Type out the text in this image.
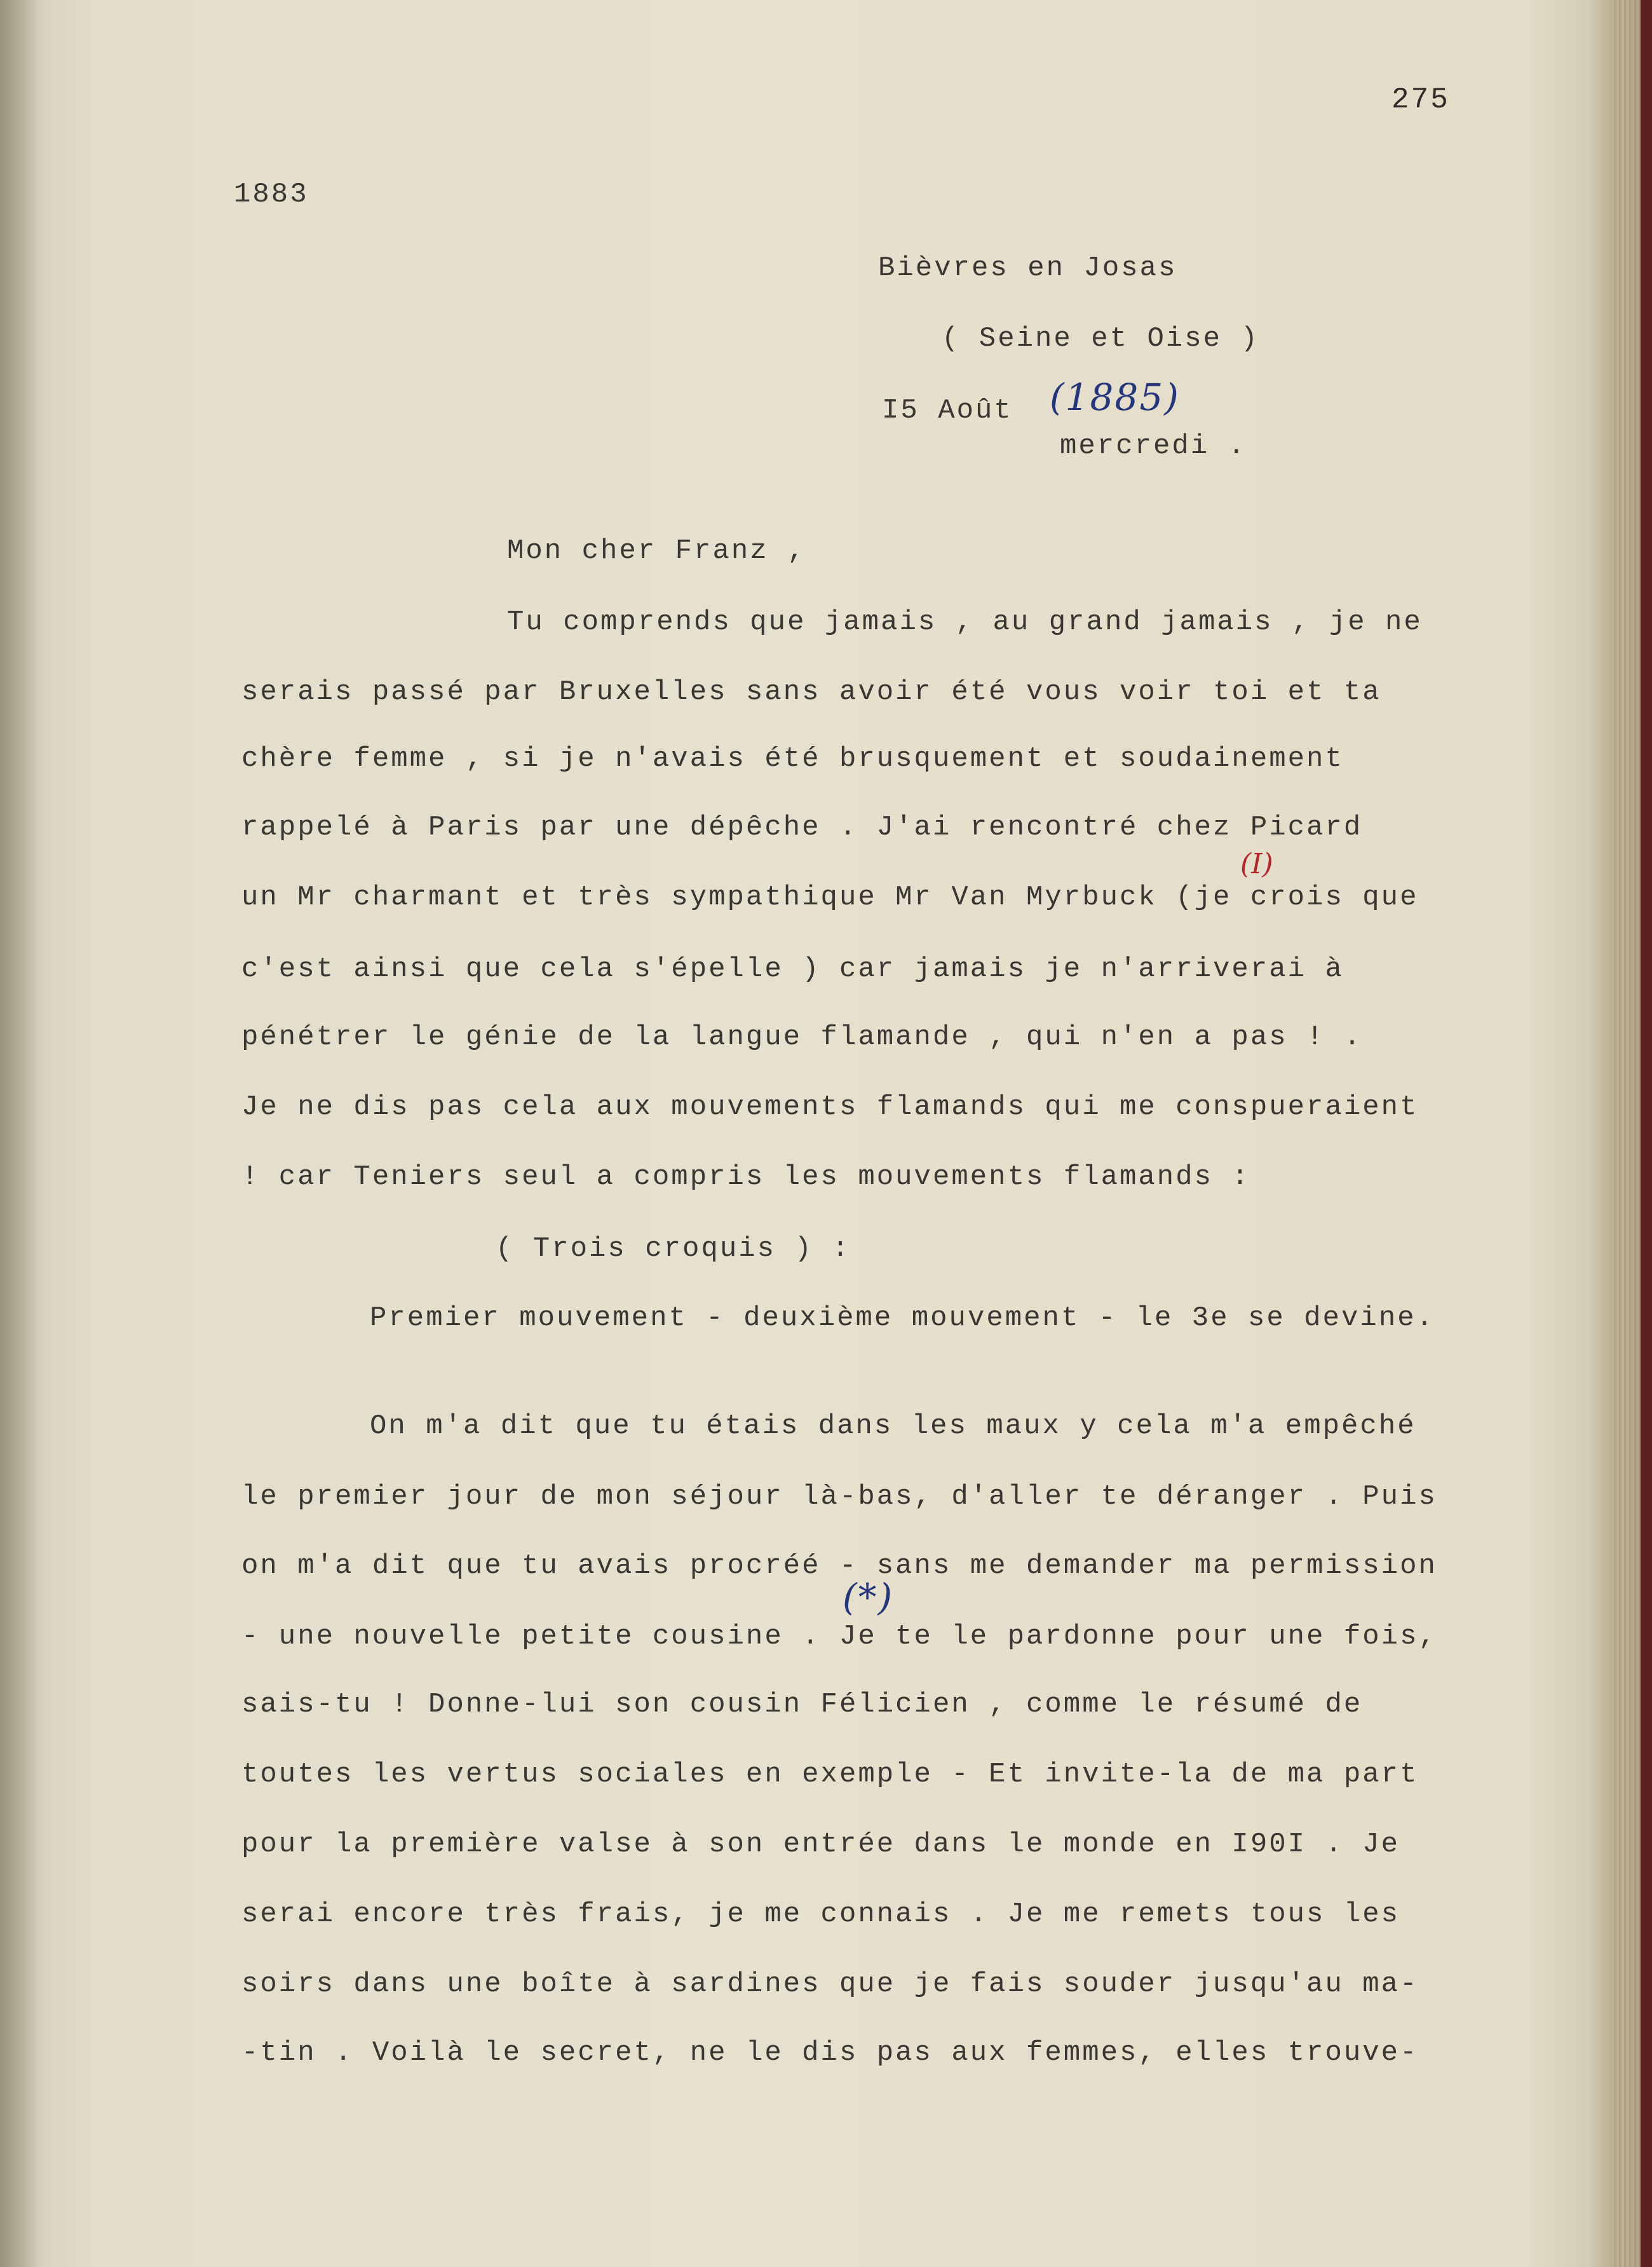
275
1883
Bièvres en Josas
( Seine et Oise )
I5 Août (1885)
mercredi .
Mon cher Franz ,
(I)
(*)
Tu comprends que jamais , au grand jamais , je ne
serais passé par Bruxelles sans avoir été vous voir toi et ta
chère femme , si je n'avais été brusquement et soudainement
rappelé à Paris par une dépêche . J'ai rencontré chez Picard
un Mr charmant et très sympathique Mr Van Myrbuck (je crois que
c'est ainsi que cela s'épelle ) car jamais je n'arriverai à
pénétrer le génie de la langue flamande , qui n'en a pas ! .
Je ne dis pas cela aux mouvements flamands qui me conspueraient
! car Teniers seul a compris les mouvements flamands :
( Trois croquis ) :
Premier mouvement - deuxième mouvement - le 3e se devine.
On m'a dit que tu étais dans les maux y cela m'a empêché
le premier jour de mon séjour là-bas, d'aller te déranger . Puis
on m'a dit que tu avais procréé - sans me demander ma permission
- une nouvelle petite cousine . Je te le pardonne pour une fois,
sais-tu ! Donne-lui son cousin Félicien , comme le résumé de
toutes les vertus sociales en exemple - Et invite-la de ma part
pour la première valse à son entrée dans le monde en I90I . Je
serai encore très frais, je me connais . Je me remets tous les
soirs dans une boîte à sardines que je fais souder jusqu'au ma-
-tin . Voilà le secret, ne le dis pas aux femmes, elles trouve-
